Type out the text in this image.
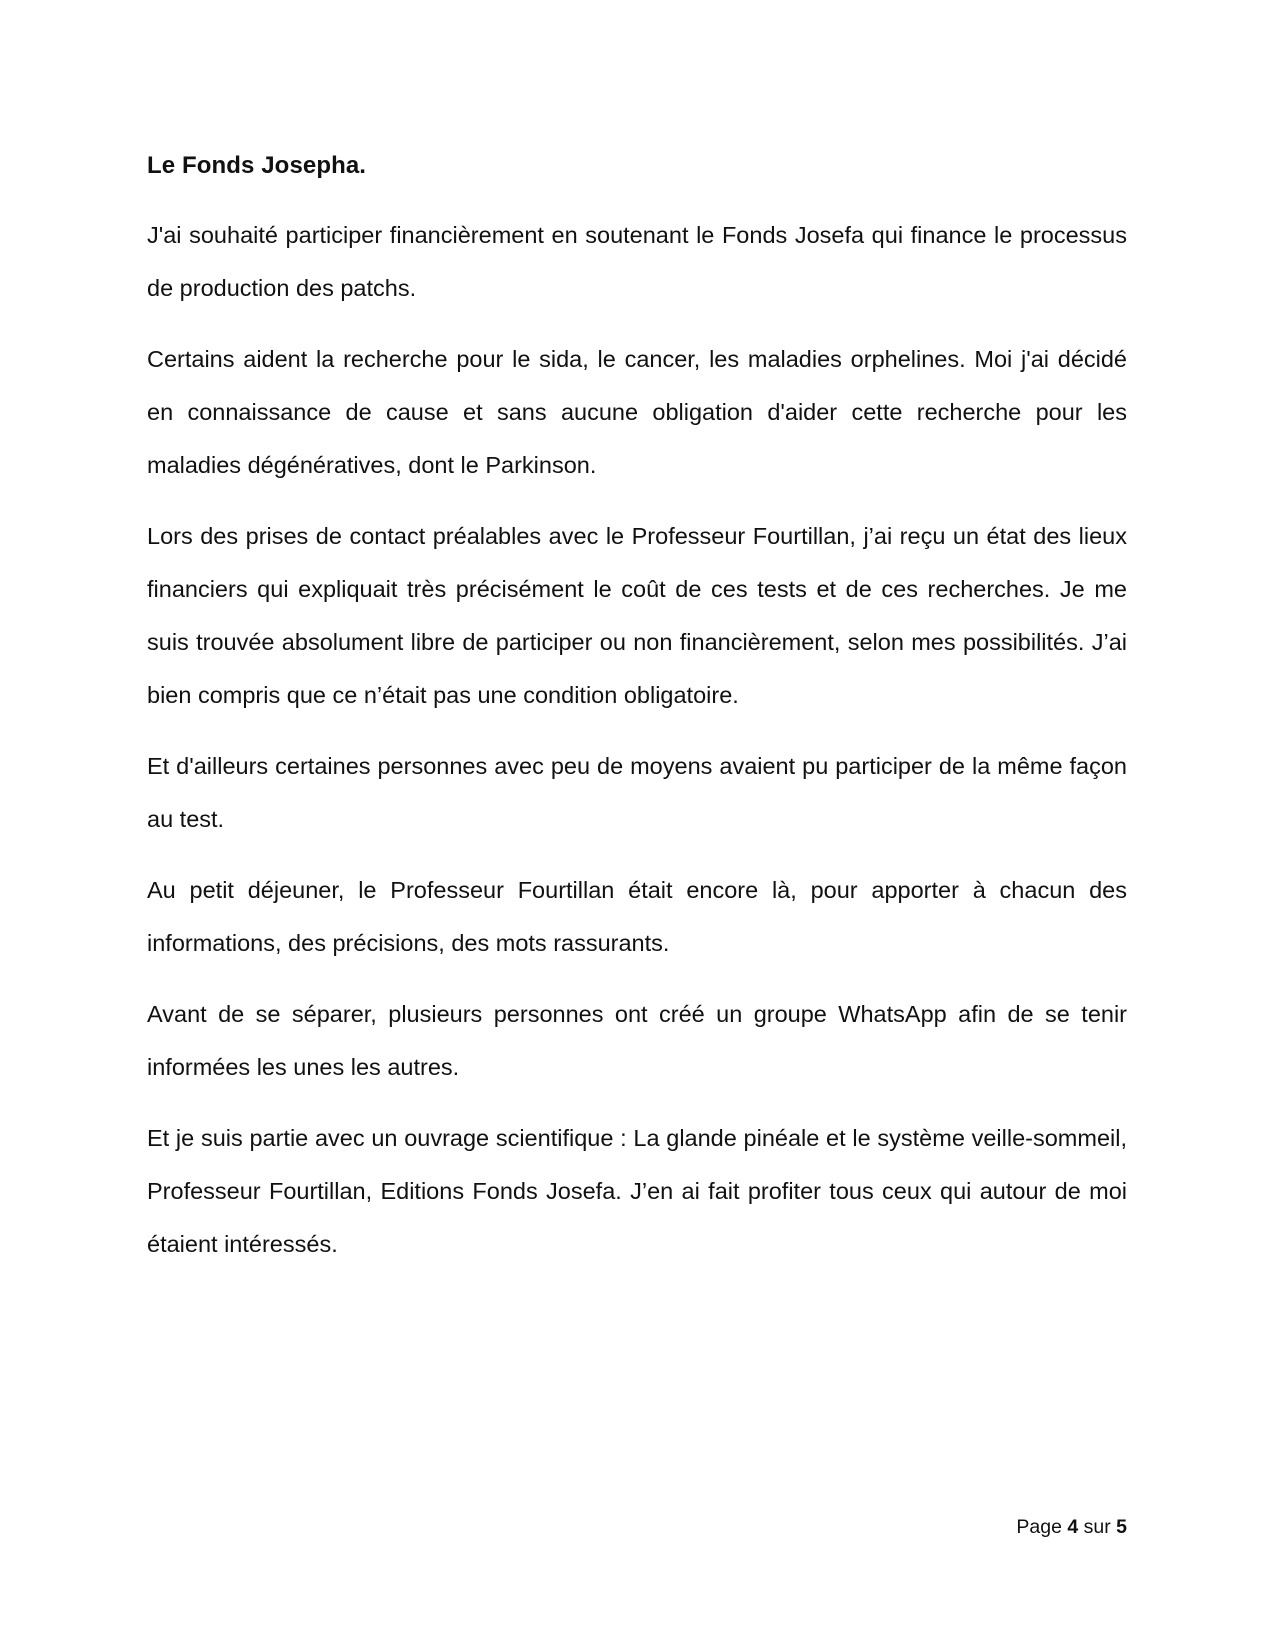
Le Fonds Josepha.

J'ai souhaité participer financièrement en soutenant le Fonds Josefa qui finance le processus de production des patchs.

Certains aident la recherche pour le sida, le cancer, les maladies orphelines. Moi j'ai décidé en connaissance de cause et sans aucune obligation d'aider cette recherche pour les maladies dégénératives, dont le Parkinson.

Lors des prises de contact préalables avec le Professeur Fourtillan, j’ai reçu un état des lieux financiers qui expliquait très précisément le coût de ces tests et de ces recherches. Je me suis trouvée absolument libre de participer ou non financièrement, selon mes possibilités. J’ai bien compris que ce n’était pas une condition obligatoire.

Et d'ailleurs certaines personnes avec peu de moyens avaient pu participer de la même façon au test.

Au petit déjeuner, le Professeur Fourtillan était encore là, pour apporter à chacun des informations, des précisions, des mots rassurants.

Avant de se séparer, plusieurs personnes ont créé un groupe WhatsApp afin de se tenir informées les unes les autres.

Et je suis partie avec un ouvrage scientifique : La glande pinéale et le système veille-sommeil, Professeur Fourtillan, Editions Fonds Josefa. J’en ai fait profiter tous ceux qui autour de moi étaient intéressés.

Page 4 sur 5
